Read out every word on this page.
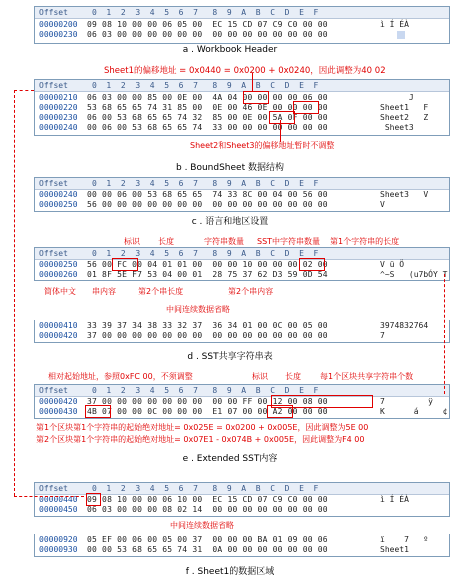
Offset     0  1  2  3  4  5  6  7   8  9  A  B  C  D  E  F
00000200 09 08 10 00 00 06 05 00  EC 15 CD 07 C9 C0 00 00	ì Í ÉÀ
00000230 06 03 00 00 00 00 00 00  00 00 00 00 00 00 00 00
a . Workbook Header
Sheet1的偏移地址 = 0x0440 = 0x0200 + 0x0240，因此调整为40 02
Offset     0  1  2  3  4  5  6  7   8  9  A  B  C  D  E  F
00000210 06 03 00 00 85 00 0E 00  4A 04 00 00 00 00 06 00	J
00000220 53 68 65 65 74 31 85 00  0E 00 46 0E 00 00 00 00	Sheet1   F
00000230 06 00 53 68 65 65 74 32  85 00 0E 00 5A 0F 00 00	Sheet2   Z
00000240 00 06 00 53 68 65 65 74  33 00 00 00 00 00 00 00	Sheet3
Sheet2和Sheet3的偏移地址暂时不调整
b . BoundSheet 数据结构
Offset     0  1  2  3  4  5  6  7   8  9  A  B  C  D  E  F
00000240 00 00 06 00 53 68 65 65  74 33 8C 00 04 00 56 00	Sheet3   V
00000250 56 00 00 00 00 00 00 00  00 00 00 00 00 00 00 00	V
c . 语言和地区设置
标识 长度	字符串数量 SST中字符串数量 第1个字符串的长度
Offset     0  1  2  3  4  5  6  7   8  9  A  B  C  D  E  F
00000250 56 00 FC 00 04 01 01 00  00 00 10 00 00 00 02 00	V ü Ö
00000260 01 8F 5E F7 53 04 00 01  28 75 37 62 D3 59 0D 54	^~S   (u7bÓY T
简体中文 串内容	第2个串长度	第2个串内容
中间连续数据省略
00000410 33 39 37 34 38 33 32 37  36 34 01 00 0C 00 05 00	3974832764
00000420 37 00 00 00 00 00 00 00  00 00 00 00 00 00 00 00	7
d . SST共享字符串表
相对起始地址，参照0xFC 00，不须调整	标识 长度 每1个区块共享字符串个数
Offset     0  1  2  3  4  5  6  7   8  9  A  B  C  D  E  F
00000420 37 00 00 00 00 00 00 00  00 00 FF 00 12 00 08 00	7         ÿ
00000430 4B 07 00 00 0C 00 00 00  E1 07 00 00 A2 00 00 00	K      á     ¢
第1个区块第1个字符串的起始绝对地址= 0x025E = 0x0200 + 0x005E，因此调整为5E 00
第2个区块第1个字符串的起始绝对地址= 0x07E1 - 0x074B + 0x005E，因此调整为F4 00
e . Extended SST内容
Offset     0  1  2  3  4  5  6  7   8  9  A  B  C  D  E  F
00000440 09 08 10 00 00 06 10 00  EC 15 CD 07 C9 C0 00 00	ì Í ÉÀ
00000450 06 03 00 00 00 08 02 14  00 00 00 00 00 00 00 00
中间连续数据省略
00000920 05 EF 00 06 00 05 00 37  00 00 00 BA 01 09 00 06	ï    7   º
00000930 00 00 53 68 65 65 74 31  0A 00 00 00 00 00 00 00	Sheet1
f . Sheet1的数据区域
